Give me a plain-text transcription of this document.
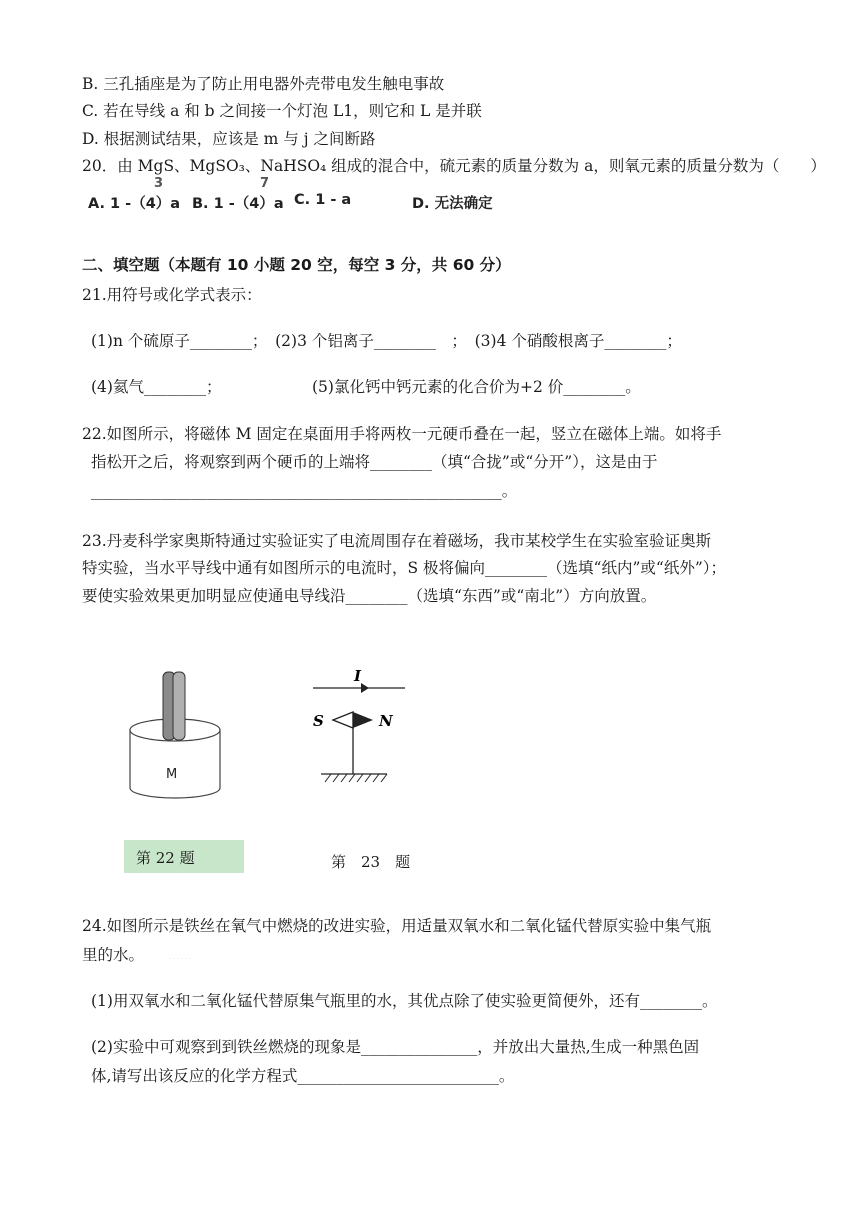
B. 三孔插座是为了防止用电器外壳带电发生触电事故
C. 若在导线 a 和 b 之间接一个灯泡 L1，则它和 L 是并联
D. 根据测试结果，应该是 m 与 j 之间断路
20．由 MgS、MgSO₃、NaHSO₄ 组成的混合中，硫元素的质量分数为 a，则氧元素的质量分数为（　　）
3	7
A. 1 -（4）a B. 1 -（4）a C. 1 - a	D. 无法确定
二、填空题（本题有 10 小题 20 空，每空 3 分，共 60 分）
21.用符号或化学式表示：
(1)n 个硫原子________；　(2)3 个铝离子________　；　(3)4 个硝酸根离子________；
(4)氦气________；	(5)氯化钙中钙元素的化合价为+2 价________。
22.如图所示，将磁体 M 固定在桌面用手将两枚一元硬币叠在一起，竖立在磁体上端。如将手
指松开之后，将观察到两个硬币的上端将________（填“合拢”或“分开”），这是由于
_____________________________________________________。
23.丹麦科学家奥斯特通过实验证实了电流周围存在着磁场，我市某校学生在实验室验证奥斯
特实验，当水平导线中通有如图所示的电流时，S 极将偏向________（选填“纸内”或“纸外”）；
要使实验效果更加明显应使通电导线沿________（选填“东西”或“南北”）方向放置。
M
I
S	N
第 22 题	第　23　题
24.如图所示是铁丝在氧气中燃烧的改进实验，用适量双氧水和二氧化锰代替原实验中集气瓶
里的水。	．．．．．．
(1)用双氧水和二氧化锰代替原集气瓶里的水，其优点除了使实验更简便外，还有________。
(2)实验中可观察到到铁丝燃烧的现象是_______________，并放出大量热,生成一种黑色固
体,请写出该反应的化学方程式__________________________。
